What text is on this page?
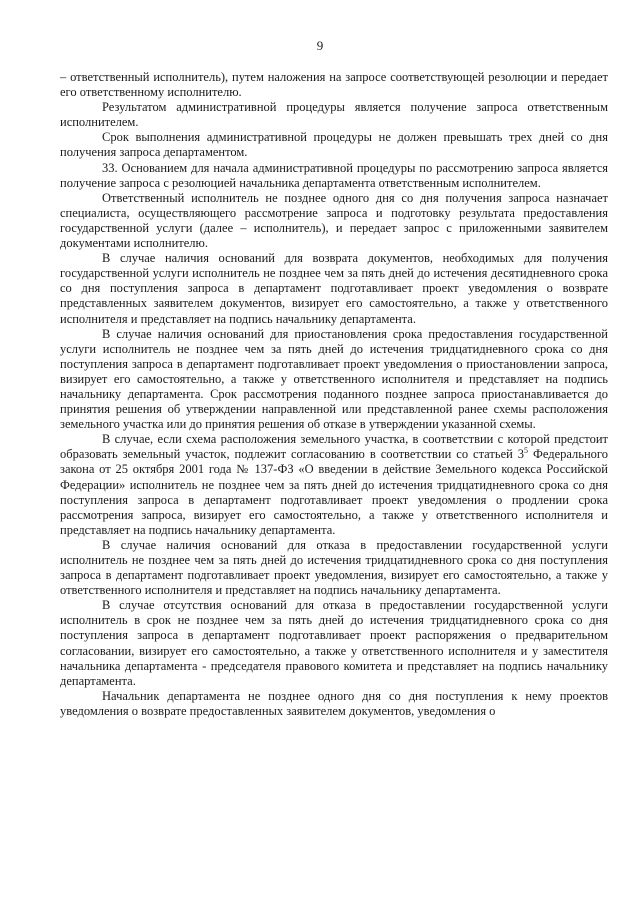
9

– ответственный исполнитель), путем наложения на запросе соответствующей резолюции и передает его ответственному исполнителю.

Результатом административной процедуры является получение запроса ответственным исполнителем.

Срок выполнения административной процедуры не должен превышать трех дней со дня получения запроса департаментом.

33. Основанием для начала административной процедуры по рассмотрению запроса является получение запроса с резолюцией начальника департамента ответственным исполнителем.

Ответственный исполнитель не позднее одного дня со дня получения запроса назначает специалиста, осуществляющего рассмотрение запроса и подготовку результата предоставления государственной услуги (далее – исполнитель), и передает запрос с приложенными заявителем документами исполнителю.

В случае наличия оснований для возврата документов, необходимых для получения государственной услуги исполнитель не позднее чем за пять дней до истечения десятидневного срока со дня поступления запроса в департамент подготавливает проект уведомления о возврате представленных заявителем документов, визирует его самостоятельно, а также у ответственного исполнителя и представляет на подпись начальнику департамента.

В случае наличия оснований для приостановления срока предоставления государственной услуги исполнитель не позднее чем за пять дней до истечения тридцатидневного срока со дня поступления запроса в департамент подготавливает проект уведомления о приостановлении запроса, визирует его самостоятельно, а также у ответственного исполнителя и представляет на подпись начальнику департамента. Срок рассмотрения поданного позднее запроса приостанавливается до принятия решения об утверждении направленной или представленной ранее схемы расположения земельного участка или до принятия решения об отказе в утверждении указанной схемы.

В случае, если схема расположения земельного участка, в соответствии с которой предстоит образовать земельный участок, подлежит согласованию в соответствии со статьей $3^5$ Федерального закона от 25 октября 2001 года № 137-ФЗ «О введении в действие Земельного кодекса Российской Федерации» исполнитель не позднее чем за пять дней до истечения тридцатидневного срока со дня поступления запроса в департамент подготавливает проект уведомления о продлении срока рассмотрения запроса, визирует его самостоятельно, а также у ответственного исполнителя и представляет на подпись начальнику департамента.

В случае наличия оснований для отказа в предоставлении государственной услуги исполнитель не позднее чем за пять дней до истечения тридцатидневного срока со дня поступления запроса в департамент подготавливает проект уведомления, визирует его самостоятельно, а также у ответственного исполнителя и представляет на подпись начальнику департамента.

В случае отсутствия оснований для отказа в предоставлении государственной услуги исполнитель в срок не позднее чем за пять дней до истечения тридцатидневного срока со дня поступления запроса в департамент подготавливает проект распоряжения о предварительном согласовании, визирует его самостоятельно, а также у ответственного исполнителя и у заместителя начальника департамента - председателя правового комитета и представляет на подпись начальнику департамента.

Начальник департамента не позднее одного дня со дня поступления к нему проектов уведомления о возврате предоставленных заявителем документов, уведомления о
